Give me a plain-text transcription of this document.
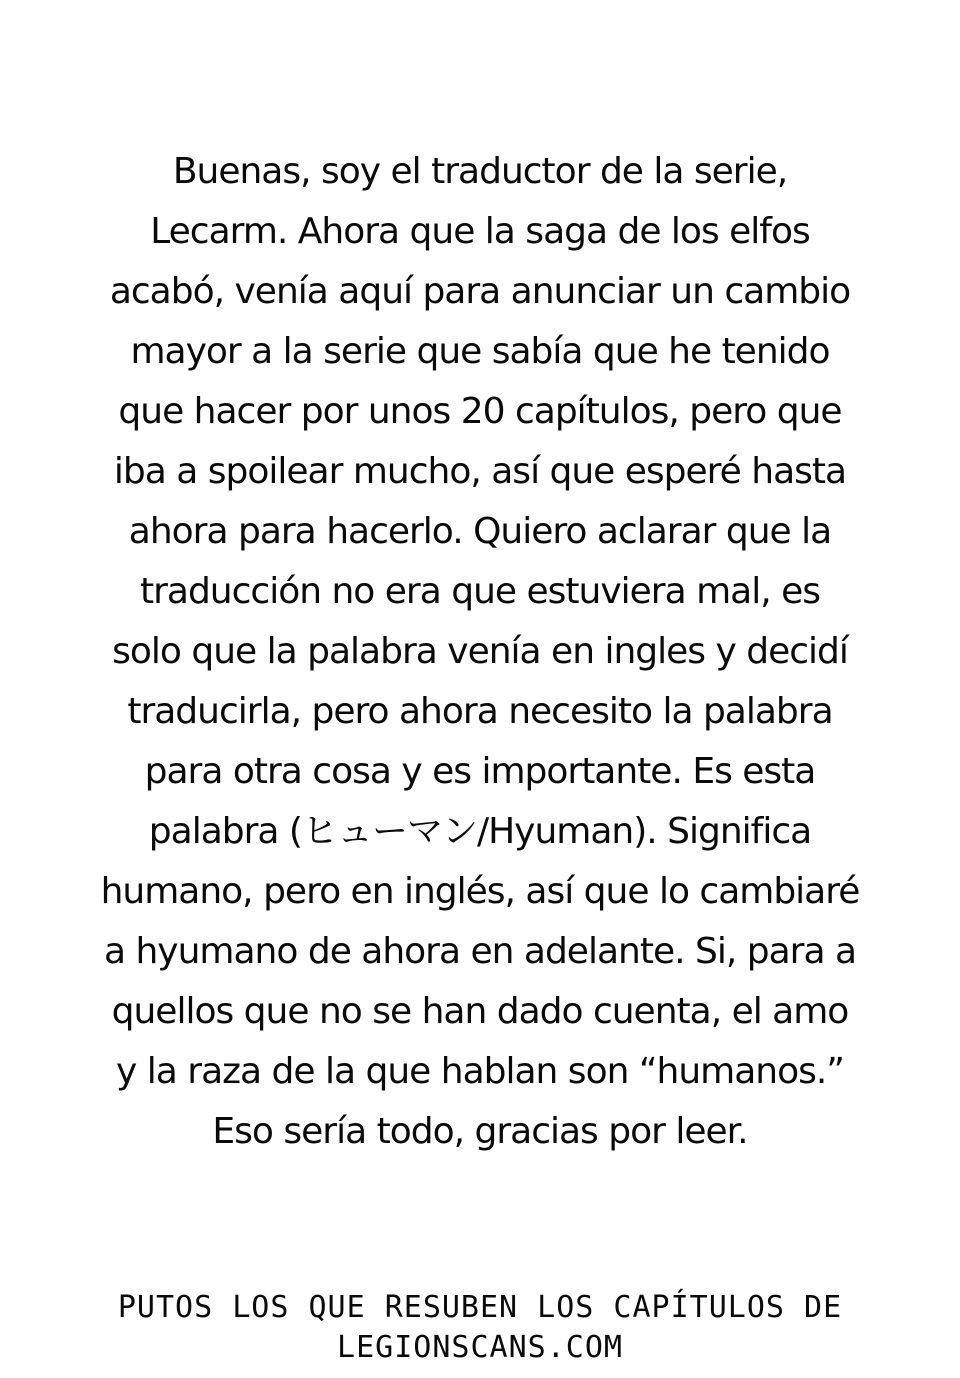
Buenas, soy el traductor de la serie,
Lecarm. Ahora que la saga de los elfos
acabó, venía aquí para anunciar un cambio
mayor a la serie que sabía que he tenido
que hacer por unos 20 capítulos, pero que
iba a spoilear mucho, así que esperé hasta
ahora para hacerlo. Quiero aclarar que la
traducción no era que estuviera mal, es
solo que la palabra venía en ingles y decidí
traducirla, pero ahora necesito la palabra
para otra cosa y es importante. Es esta
palabra (ヒューマン/Hyuman). Significa
humano, pero en inglés, así que lo cambiaré
a hyumano de ahora en adelante. Si, para a
quellos que no se han dado cuenta, el amo
y la raza de la que hablan son “humanos.”
Eso sería todo, gracias por leer.
PUTOS LOS QUE RESUBEN LOS CAPÍTULOS DE
LEGIONSCANS.COM
